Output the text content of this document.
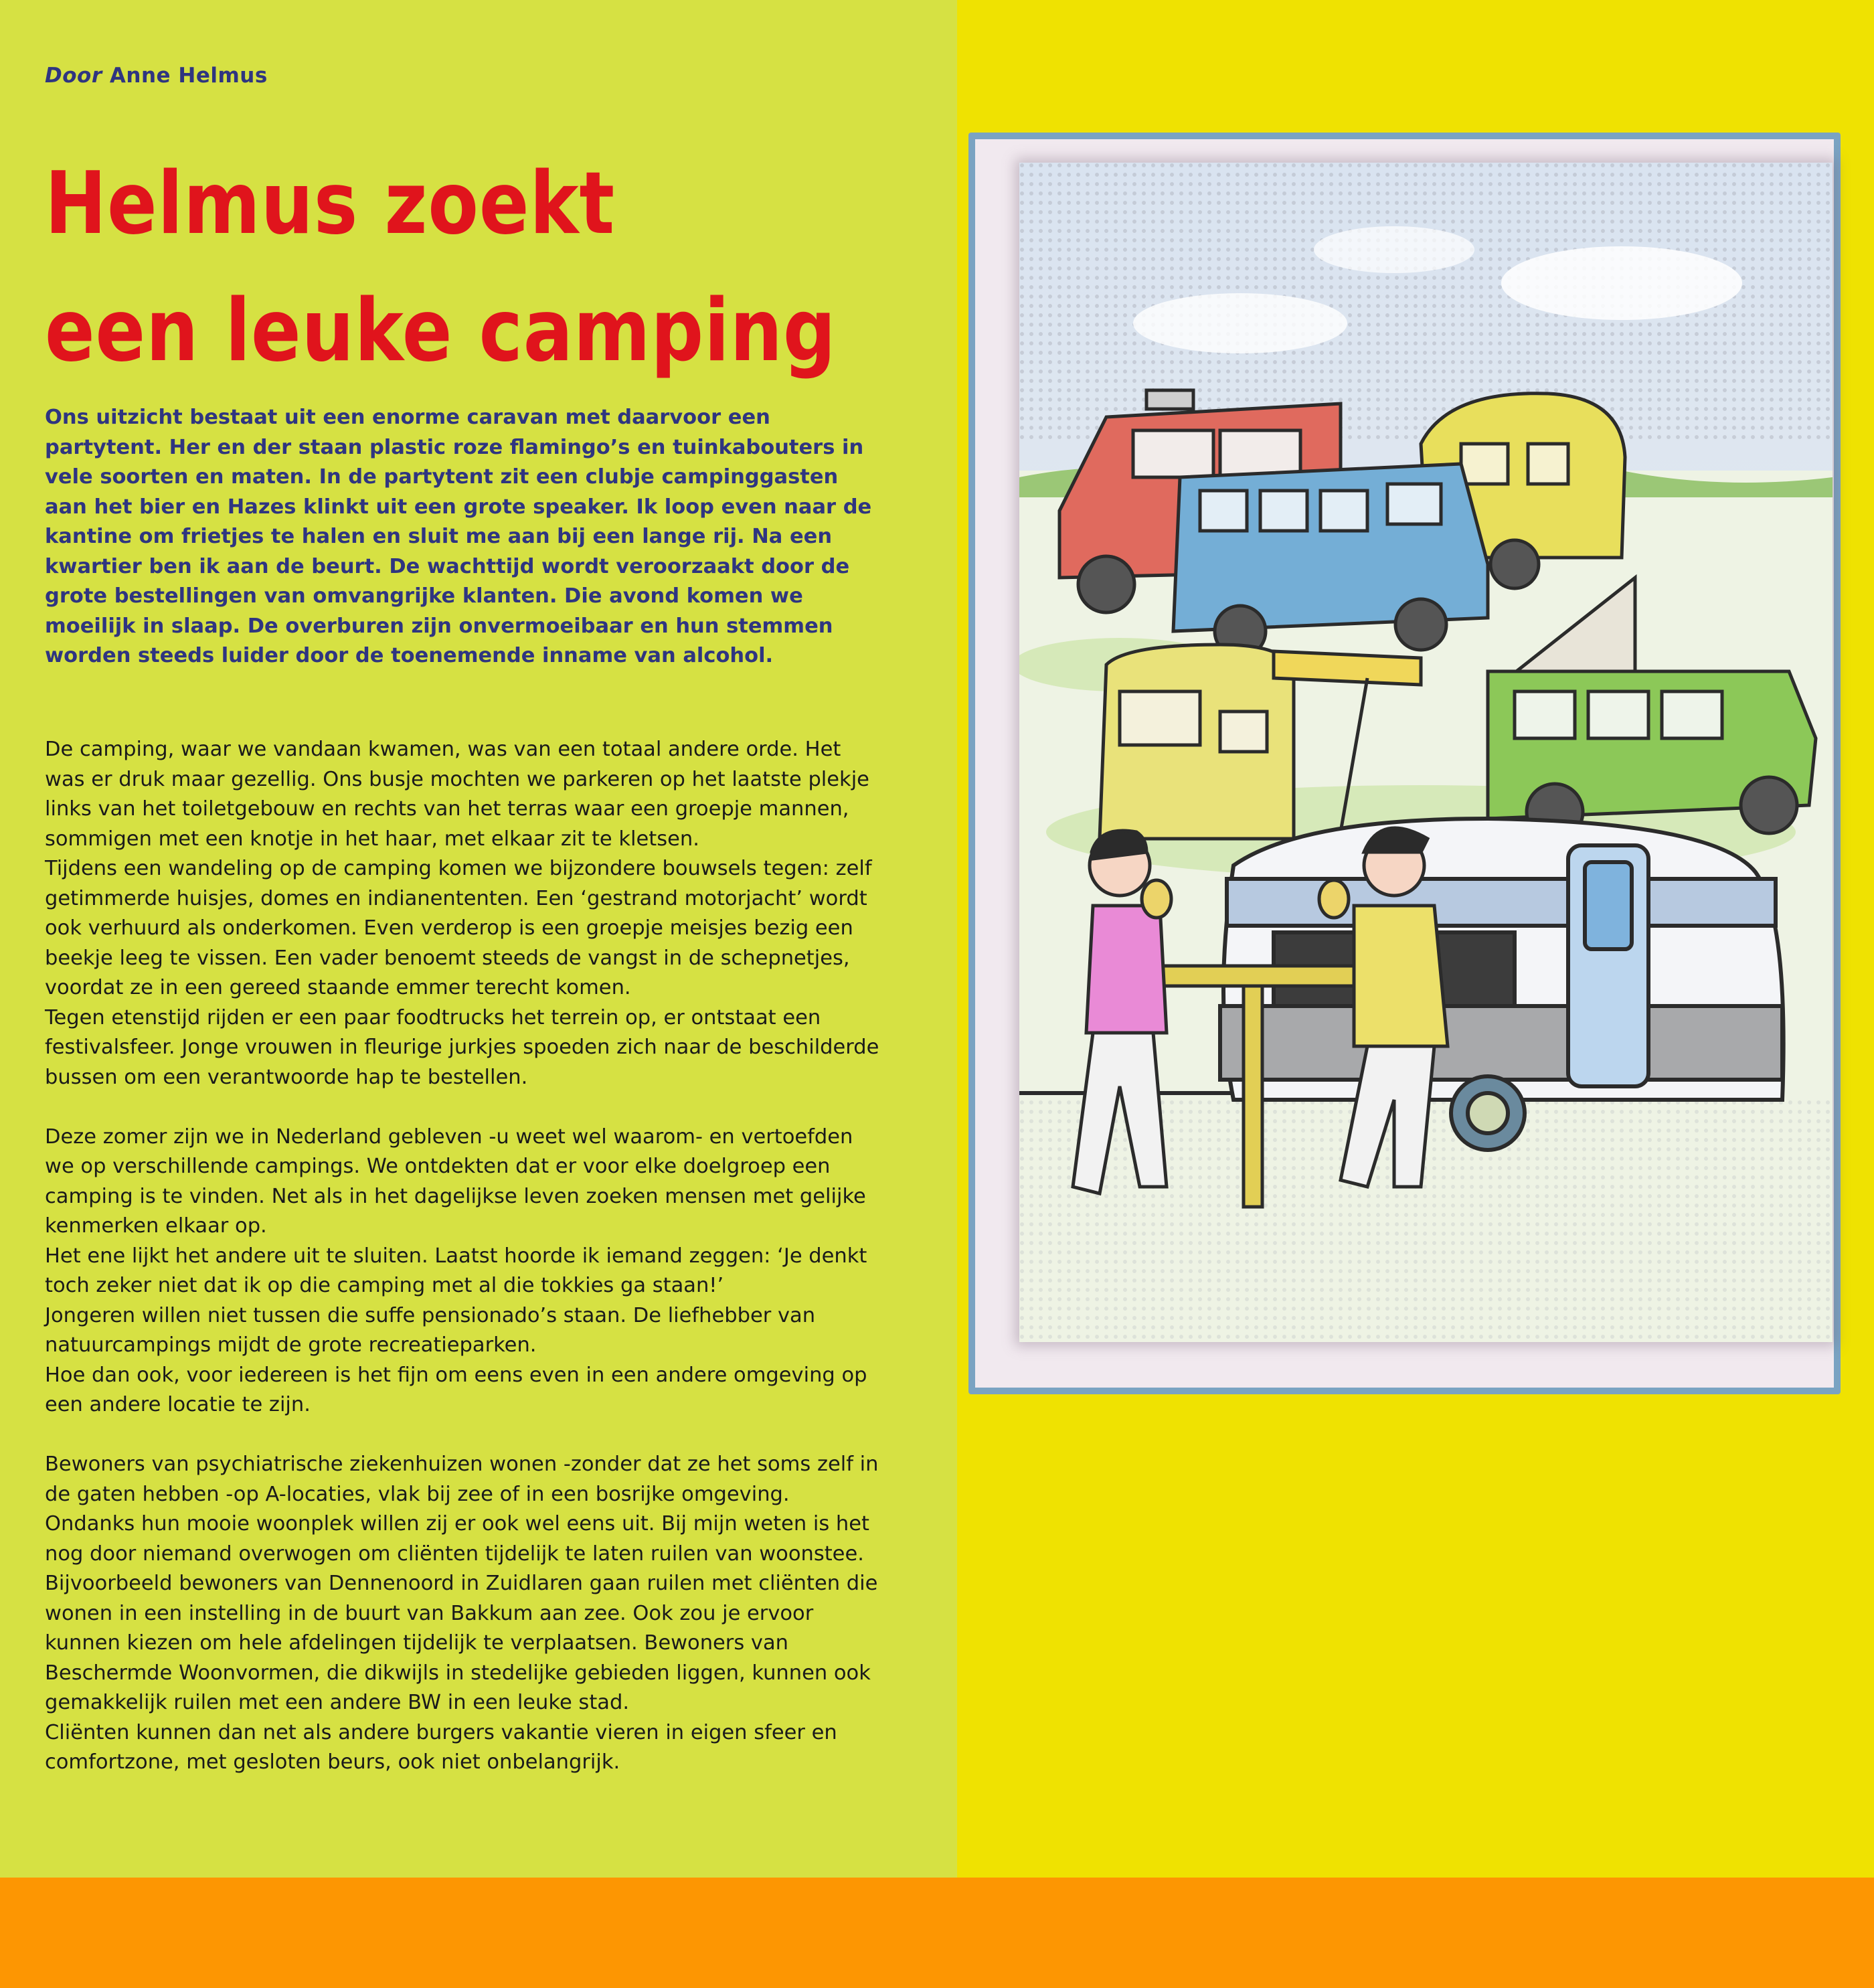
Door Anne Helmus
Helmus zoekt
een leuke camping

Ons uitzicht bestaat uit een enorme caravan met daarvoor een partytent. Her en der staan plastic roze flamingo’s en tuinkabouters in vele soorten en maten. In de partytent zit een clubje campinggasten aan het bier en Hazes klinkt uit een grote speaker. Ik loop even naar de kantine om frietjes te halen en sluit me aan bij een lange rij. Na een kwartier ben ik aan de beurt. De wachttijd wordt veroorzaakt door de grote bestellingen van omvangrijke klanten. Die avond komen we moeilijk in slaap. De overburen zijn onvermoeibaar en hun stemmen worden steeds luider door de toenemende inname van alcohol.

De camping, waar we vandaan kwamen, was van een totaal andere orde. Het was er druk maar gezellig. Ons busje mochten we parkeren op het laatste plekje links van het toiletgebouw en rechts van het terras waar een groepje mannen, sommigen met een knotje in het haar, met elkaar zit te kletsen.

Tijdens een wandeling op de camping komen we bijzondere bouwsels tegen: zelf getimmerde huisjes, domes en indianententen. Een ‘gestrand motorjacht’ wordt ook verhuurd als onderkomen. Even verderop is een groepje meisjes bezig een beekje leeg te vissen. Een vader benoemt steeds de vangst in de schepnetjes, voordat ze in een gereed staande emmer terecht komen.

Tegen etenstijd rijden er een paar foodtrucks het terrein op, er ontstaat een festivalsfeer. Jonge vrouwen in fleurige jurkjes spoeden zich naar de beschilderde bussen om een verantwoorde hap te bestellen.

Deze zomer zijn we in Nederland gebleven -u weet wel waarom- en vertoefden we op verschillende campings. We ontdekten dat er voor elke doelgroep een camping is te vinden. Net als in het dagelijkse leven zoeken mensen met gelijke kenmerken elkaar op.

Het ene lijkt het andere uit te sluiten. Laatst hoorde ik iemand zeggen: ‘Je denkt toch zeker niet dat ik op die camping met al die tokkies ga staan!’

Jongeren willen niet tussen die suffe pensionado’s staan. De liefhebber van natuurcampings mijdt de grote recreatieparken.

Hoe dan ook, voor iedereen is het fijn om eens even in een andere omgeving op een andere locatie te zijn.

Bewoners van psychiatrische ziekenhuizen wonen -zonder dat ze het soms zelf in de gaten hebben -op A-locaties, vlak bij zee of in een bosrijke omgeving. Ondanks hun mooie woonplek willen zij er ook wel eens uit. Bij mijn weten is het nog door niemand overwogen om cliënten tijdelijk te laten ruilen van woonstee.

Bijvoorbeeld bewoners van Dennenoord in Zuidlaren gaan ruilen met cliënten die wonen in een instelling in de buurt van Bakkum aan zee. Ook zou je ervoor kunnen kiezen om hele afdelingen tijdelijk te verplaatsen. Bewoners van Beschermde Woonvormen, die dikwijls in stedelijke gebieden liggen, kunnen ook gemakkelijk ruilen met een andere BW in een leuke stad.

Cliënten kunnen dan net als andere burgers vakantie vieren in eigen sfeer en comfortzone, met gesloten beurs, ook niet onbelangrijk.
